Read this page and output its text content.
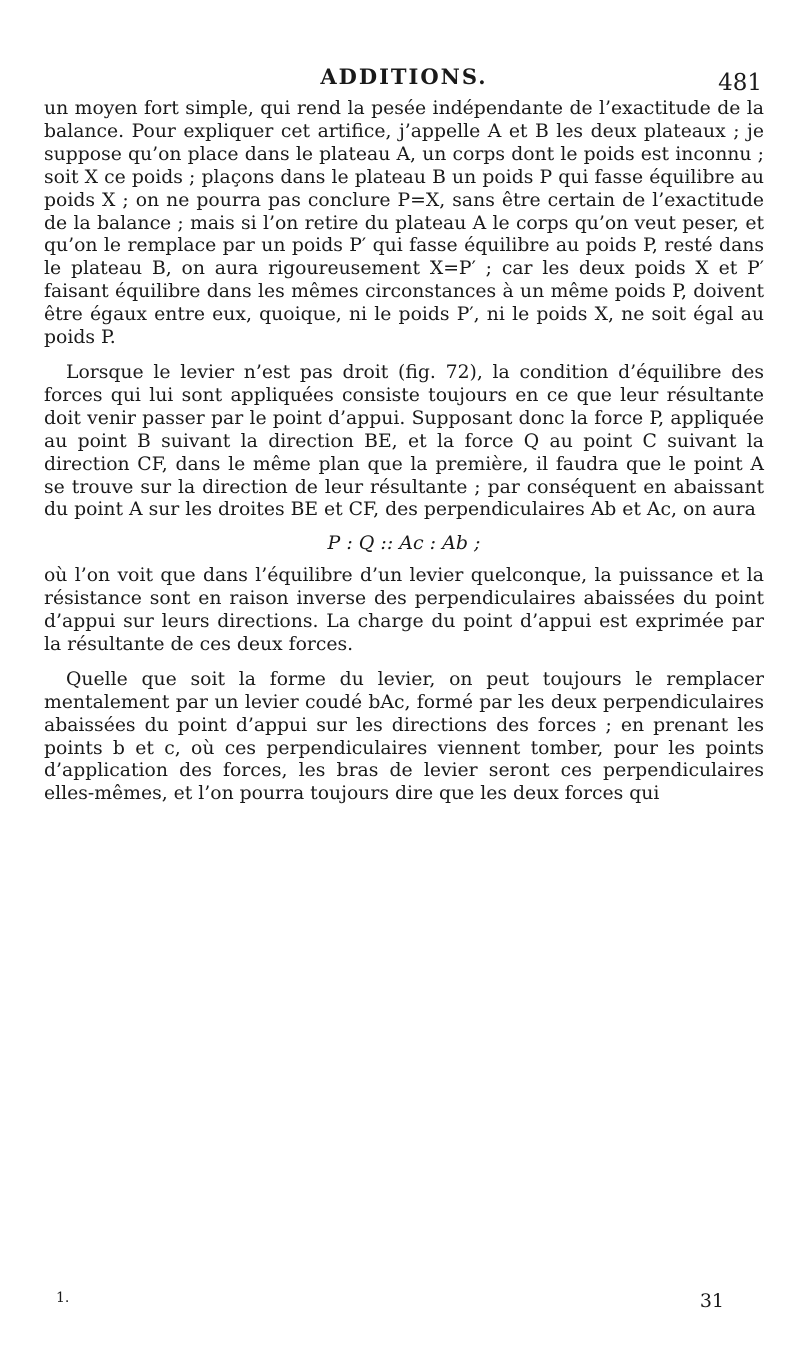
ADDITIONS.	481

un moyen fort simple, qui rend la pesée indépendante de l’exactitude de la balance. Pour expliquer cet artifice, j’appelle A et B les deux plateaux ; je suppose qu’on place dans le plateau A, un corps dont le poids est inconnu ; soit X ce poids ; plaçons dans le plateau B un poids P qui fasse équilibre au poids X ; on ne pourra pas conclure P=X, sans être certain de l’exactitude de la balance ; mais si l’on retire du plateau A le corps qu’on veut peser, et qu’on le remplace par un poids P′ qui fasse équilibre au poids P, resté dans le plateau B, on aura rigoureusement X=P′ ; car les deux poids X et P′ faisant équilibre dans les mêmes circonstances à un même poids P, doivent être égaux entre eux, quoique, ni le poids P′, ni le poids X, ne soit égal au poids P.

Lorsque le levier n’est pas droit (fig. 72), la condition d’équilibre des forces qui lui sont appliquées consiste toujours en ce que leur résultante doit venir passer par le point d’appui. Supposant donc la force P, appliquée au point B suivant la direction BE, et la force Q au point C suivant la direction CF, dans le même plan que la première, il faudra que le point A se trouve sur la direction de leur résultante ; par conséquent en abaissant du point A sur les droites BE et CF, des perpendiculaires Ab et Ac, on aura

P : Q :: Ac : Ab ;

où l’on voit que dans l’équilibre d’un levier quelconque, la puissance et la résistance sont en raison inverse des perpendiculaires abaissées du point d’appui sur leurs directions. La charge du point d’appui est exprimée par la résultante de ces deux forces.

Quelle que soit la forme du levier, on peut toujours le remplacer mentalement par un levier coudé bAc, formé par les deux perpendiculaires abaissées du point d’appui sur les directions des forces ; en prenant les points b et c, où ces perpendiculaires viennent tomber, pour les points d’application des forces, les bras de levier seront ces perpendiculaires elles-mêmes, et l’on pourra toujours dire que les deux forces qui

1.	31
